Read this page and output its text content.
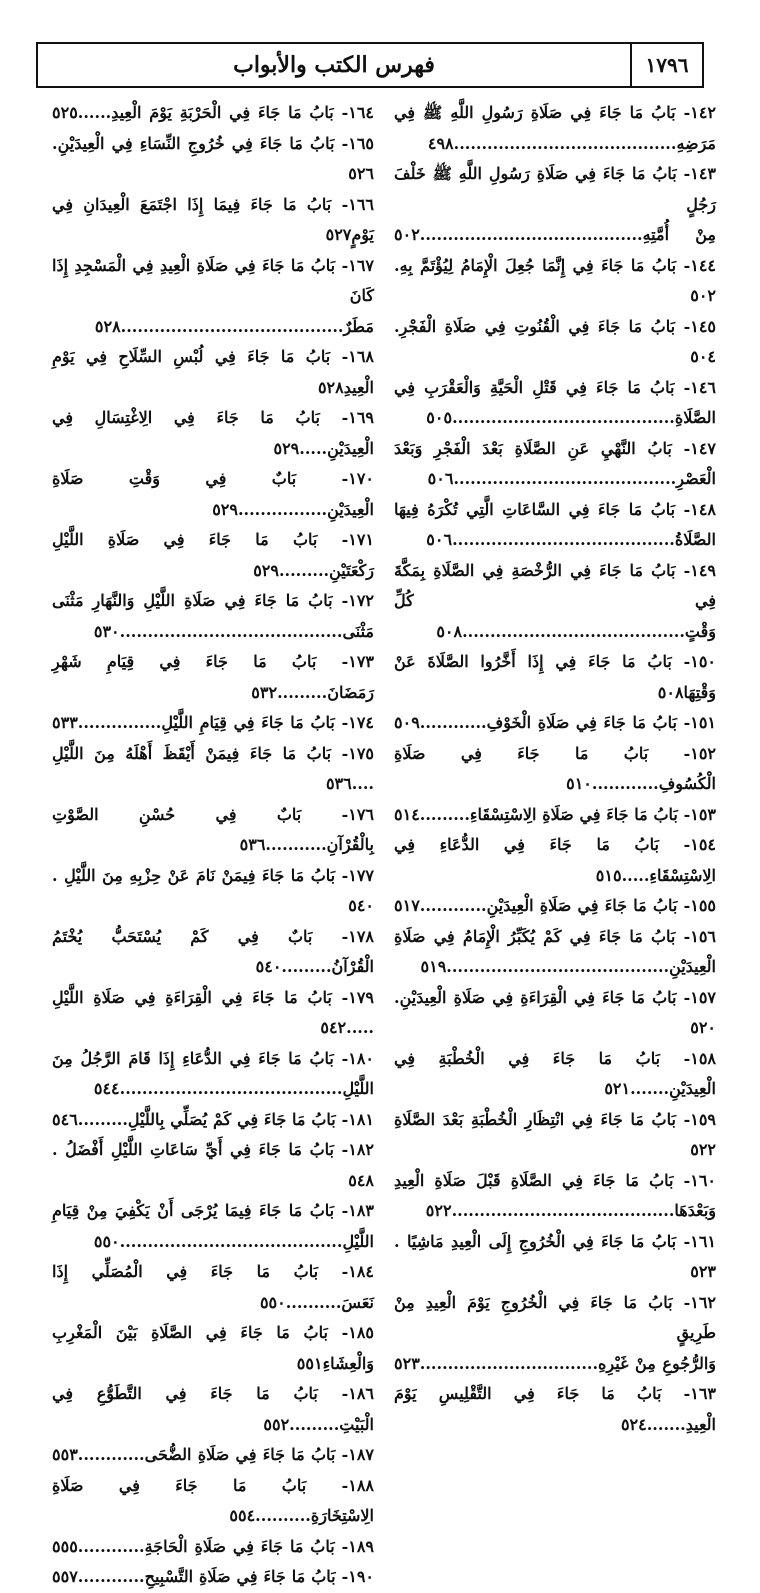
١٧٩٦
فهرس الكتب والأبواب
١٤٢- بَابُ مَا جَاءَ فِي صَلَاةِ رَسُولِ اللَّهِ ﷺ فِي
مَرَضِهِ........................................٤٩٨
١٤٣- بَابُ مَا جَاءَ فِي صَلَاةِ رَسُولِ اللَّهِ ﷺ خَلْفَ رَجُلٍ
مِنْ أُمَّتِهِ........................................٥٠٢
١٤٤- بَابُ مَا جَاءَ فِي إِنَّمَا جُعِلَ الْإِمَامُ لِيُؤْتَمَّ بِهِ. ٥٠٢
١٤٥- بَابُ مَا جَاءَ فِي الْقُنُوتِ فِي صَلَاةِ الْفَجْرِ. ٥٠٤
١٤٦- بَابُ مَا جَاءَ فِي قَتْلِ الْحَيَّةِ وَالْعَقْرَبِ فِي
الصَّلَاةِ........................................٥٠٥
١٤٧- بَابُ النَّهْيِ عَنِ الصَّلَاةِ بَعْدَ الْفَجْرِ وَبَعْدَ
الْعَصْرِ........................................٥٠٦
١٤٨- بَابُ مَا جَاءَ فِي السَّاعَاتِ الَّتِي تُكْرَهُ فِيهَا
الصَّلَاةُ........................................٥٠٦
١٤٩- بَابُ مَا جَاءَ فِي الرُّخْصَةِ فِي الصَّلَاةِ بِمَكَّةَ فِي كُلِّ
وَقْتٍ........................................٥٠٨
١٥٠- بَابُ مَا جَاءَ فِي إِذَا أَخَّرُوا الصَّلَاةَ عَنْ وَقْتِهَا٥٠٨
١٥١- بَابُ مَا جَاءَ فِي صَلَاةِ الْخَوْفِ............٥٠٩
١٥٢- بَابُ مَا جَاءَ فِي صَلَاةِ الْكُسُوفِ............٥١٠
١٥٣- بَابُ مَا جَاءَ فِي صَلَاةِ الِاسْتِسْقَاءِ.........٥١٤
١٥٤- بَابُ مَا جَاءَ فِي الدُّعَاءِ فِي الِاسْتِسْقَاءِ.....٥١٥
١٥٥- بَابُ مَا جَاءَ فِي صَلَاةِ الْعِيدَيْنِ............٥١٧
١٥٦- بَابُ مَا جَاءَ فِي كَمْ يُكَبِّرُ الْإِمَامُ فِي صَلَاةِ
الْعِيدَيْنِ........................................٥١٩
١٥٧- بَابُ مَا جَاءَ فِي الْقِرَاءَةِ فِي صَلَاةِ الْعِيدَيْنِ. ٥٢٠
١٥٨- بَابُ مَا جَاءَ فِي الْخُطْبَةِ فِي الْعِيدَيْنِ.......٥٢١
١٥٩- بَابُ مَا جَاءَ فِي انْتِظَارِ الْخُطْبَةِ بَعْدَ الصَّلَاةِ ٥٢٢
١٦٠- بَابُ مَا جَاءَ فِي الصَّلَاةِ قَبْلَ صَلَاةِ الْعِيدِ
وَبَعْدَهَا........................................٥٢٢
١٦١- بَابُ مَا جَاءَ فِي الْخُرُوجِ إِلَى الْعِيدِ مَاشِيًا . ٥٢٣
١٦٢- بَابُ مَا جَاءَ فِي الْخُرُوجِ يَوْمَ الْعِيدِ مِنْ طَرِيقٍ
وَالرُّجُوعِ مِنْ غَيْرِهِ................................٥٢٣
١٦٣- بَابُ مَا جَاءَ فِي التَّقْلِيسِ يَوْمَ الْعِيدِ.......٥٢٤
١٦٤- بَابُ مَا جَاءَ فِي الْحَرْبَةِ يَوْمَ الْعِيدِ......٥٢٥
١٦٥- بَابُ مَا جَاءَ فِي خُرُوجِ النِّسَاءِ فِي الْعِيدَيْنِ. ٥٢٦
١٦٦- بَابُ مَا جَاءَ فِيمَا إِذَا اجْتَمَعَ الْعِيدَانِ فِي يَوْمٍ٥٢٧
١٦٧- بَابُ مَا جَاءَ فِي صَلَاةِ الْعِيدِ فِي الْمَسْجِدِ إِذَا كَانَ
مَطَرٌ........................................٥٢٨
١٦٨- بَابُ مَا جَاءَ فِي لُبْسِ السِّلَاحِ فِي يَوْمِ الْعِيدِ٥٢٨
١٦٩- بَابُ مَا جَاءَ فِي الِاغْتِسَالِ فِي الْعِيدَيْنِ.....٥٢٩
١٧٠- بَابٌ فِي وَقْتِ صَلَاةِ الْعِيدَيْنِ................٥٢٩
١٧١- بَابُ مَا جَاءَ فِي صَلَاةِ اللَّيْلِ رَكْعَتَيْنِ.........٥٢٩
١٧٢- بَابُ مَا جَاءَ فِي صَلَاةِ اللَّيْلِ وَالنَّهَارِ مَثْنَى
مَثْنَى........................................٥٣٠
١٧٣- بَابُ مَا جَاءَ فِي قِيَامِ شَهْرِ رَمَضَانَ.........٥٣٢
١٧٤- بَابُ مَا جَاءَ فِي قِيَامِ اللَّيْلِ...............٥٣٣
١٧٥- بَابُ مَا جَاءَ فِيمَنْ أَيْقَظَ أَهْلَهُ مِنَ اللَّيْلِ ....٥٣٦
١٧٦- بَابٌ فِي حُسْنِ الصَّوْتِ بِالْقُرْآنِ...........٥٣٦
١٧٧- بَابُ مَا جَاءَ فِيمَنْ نَامَ عَنْ حِزْبِهِ مِنَ اللَّيْلِ . ٥٤٠
١٧٨- بَابٌ فِي كَمْ يُسْتَحَبُّ يُخْتَمُ الْقُرْآنُ.........٥٤٠
١٧٩- بَابُ مَا جَاءَ فِي الْقِرَاءَةِ فِي صَلَاةِ اللَّيْلِ .....٥٤٢
١٨٠- بَابُ مَا جَاءَ فِي الدُّعَاءِ إِذَا قَامَ الرَّجُلُ مِنَ
اللَّيْلِ........................................٥٤٤
١٨١- بَابُ مَا جَاءَ فِي كَمْ يُصَلِّي بِاللَّيْلِ.........٥٤٦
١٨٢- بَابُ مَا جَاءَ فِي أَيِّ سَاعَاتِ اللَّيْلِ أَفْضَلُ . ٥٤٨
١٨٣- بَابُ مَا جَاءَ فِيمَا يُرْجَى أَنْ يَكْفِيَ مِنْ قِيَامِ
اللَّيْلِ........................................٥٥٠
١٨٤- بَابُ مَا جَاءَ فِي الْمُصَلِّي إِذَا نَعَسَ..........٥٥٠
١٨٥- بَابُ مَا جَاءَ فِي الصَّلَاةِ بَيْنَ الْمَغْرِبِ وَالْعِشَاءِ٥٥١
١٨٦- بَابُ مَا جَاءَ فِي التَّطَوُّعِ فِي الْبَيْتِ.........٥٥٢
١٨٧- بَابُ مَا جَاءَ فِي صَلَاةِ الضُّحَى............٥٥٣
١٨٨- بَابُ مَا جَاءَ فِي صَلَاةِ الِاسْتِخَارَةِ..........٥٥٤
١٨٩- بَابُ مَا جَاءَ فِي صَلَاةِ الْحَاجَةِ............٥٥٥
١٩٠- بَابُ مَا جَاءَ فِي صَلَاةِ التَّسْبِيحِ............٥٥٧
